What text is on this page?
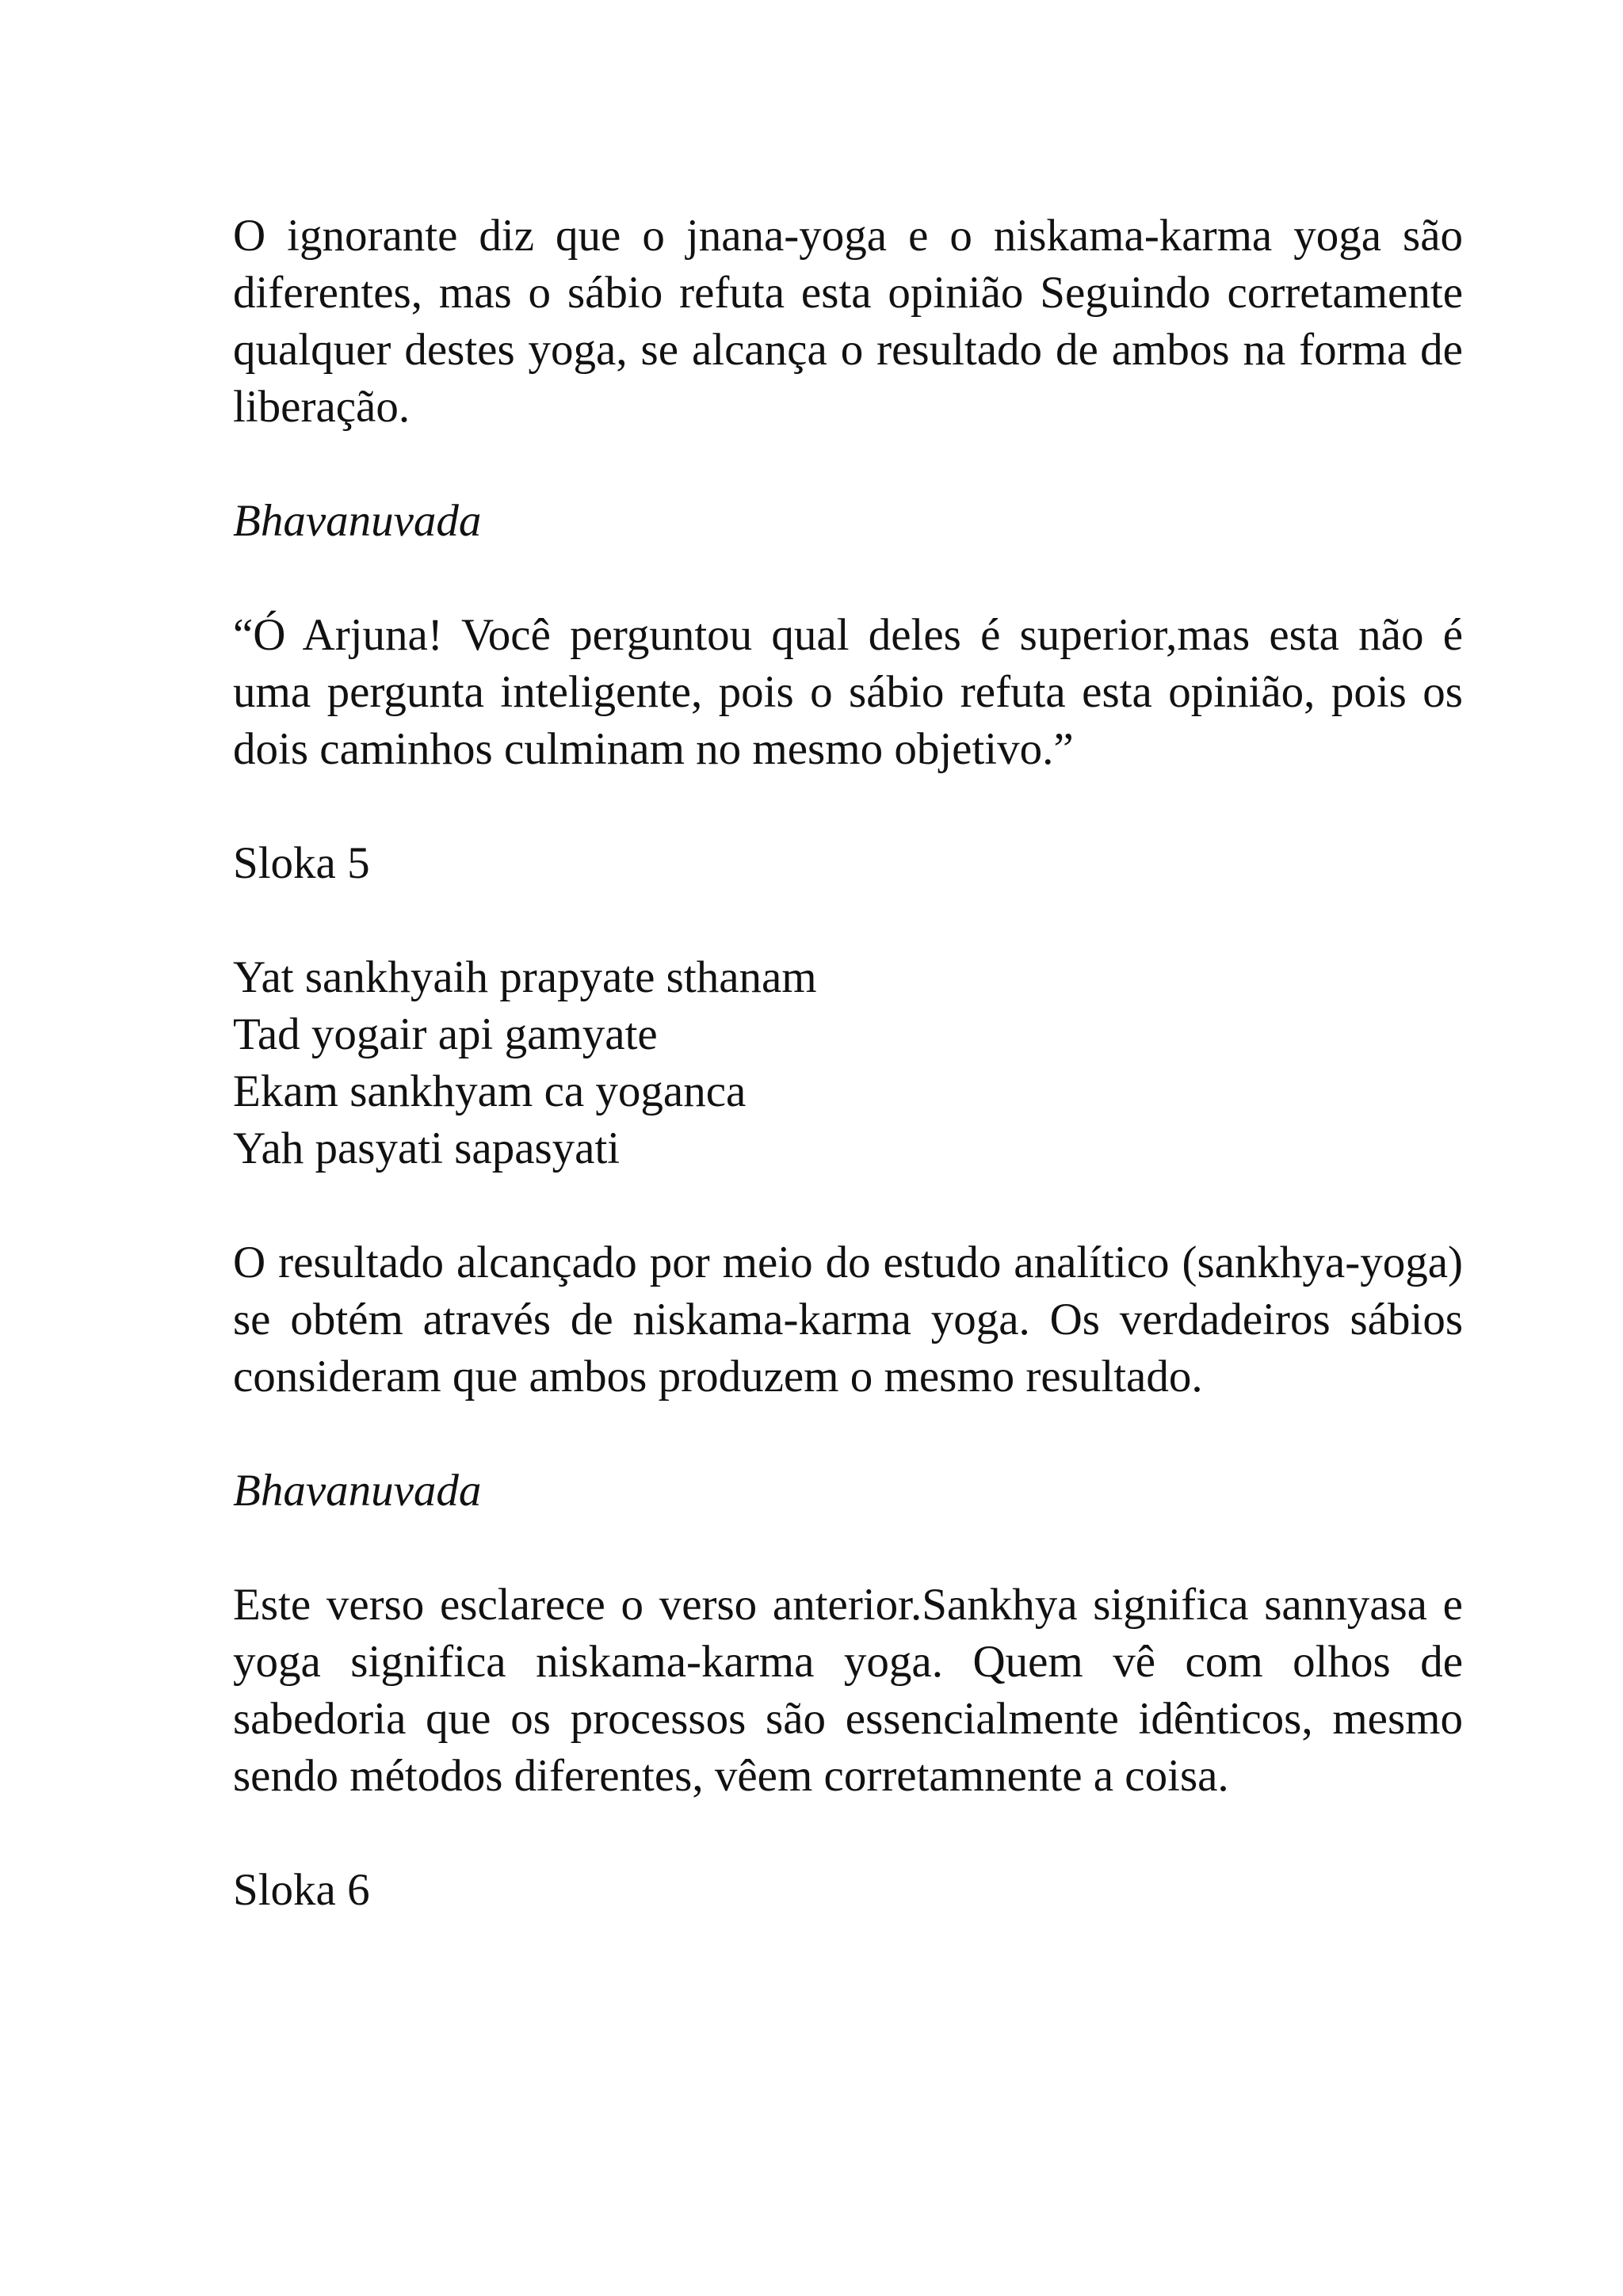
O ignorante diz que o jnana-yoga e o niskama-karma yoga são diferentes, mas o sábio refuta esta opinião Seguindo corretamente qualquer destes yoga, se alcança o resultado de ambos na forma de liberação.

Bhavanuvada

“Ó Arjuna! Você perguntou qual deles é superior,mas esta não é uma pergunta inteligente, pois o sábio refuta esta opinião, pois os dois caminhos culminam no mesmo objetivo.”

Sloka 5

Yat sankhyaih prapyate sthanam
Tad yogair api gamyate
Ekam sankhyam ca yoganca
Yah pasyati sapasyati

O resultado alcançado por meio do estudo analítico (sankhya-yoga) se obtém através de niskama-karma yoga. Os verdadeiros sábios consideram que ambos produzem o mesmo resultado.

Bhavanuvada

Este verso esclarece o verso anterior.Sankhya significa sannyasa e yoga significa niskama-karma yoga. Quem vê com olhos de sabedoria que os processos são essencialmente idênticos, mesmo sendo métodos diferentes, vêem corretamnente a coisa.

Sloka 6
